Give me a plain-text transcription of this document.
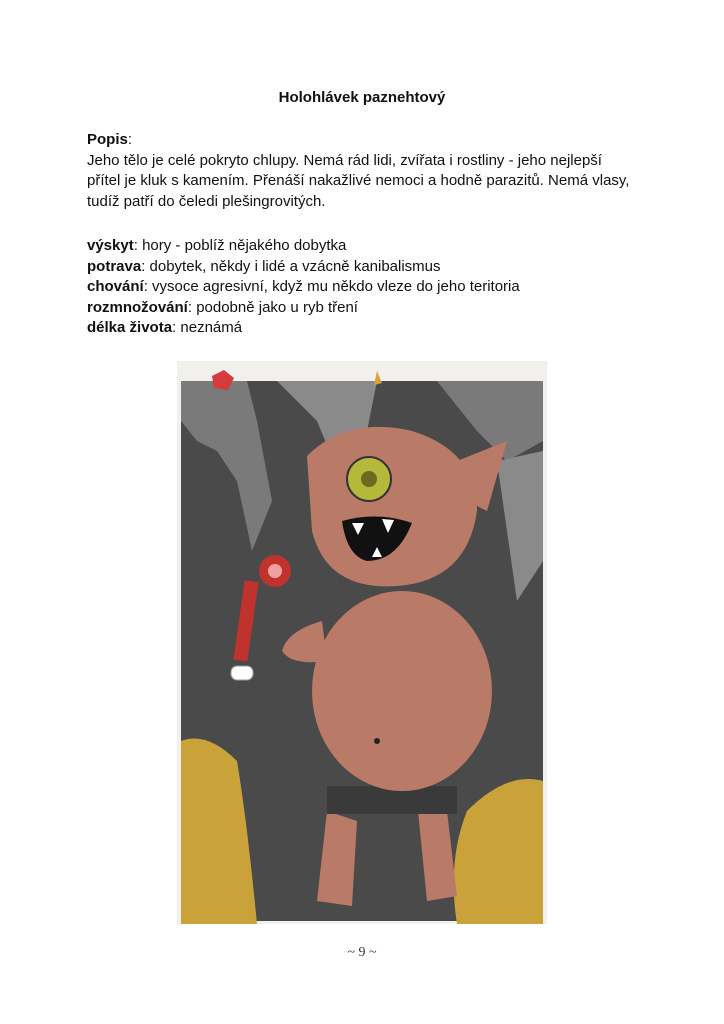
Holohlávek paznehtový
Popis:
Jeho tělo je celé pokryto chlupy. Nemá rád lidi, zvířata i rostliny - jeho nejlepší
přítel je kluk s kamením. Přenáší nakažlivé nemoci a hodně parazitů. Nemá vlasy,
tudíž patří do čeledi plešingrovitých.
výskyt: hory - poblíž nějakého dobytka
potrava: dobytek, někdy i lidé a vzácně kanibalismus
chování: vysoce agresivní, když mu někdo vleze do jeho teritoria
rozmnožování: podobně jako u ryb tření
délka života: neznámá
~ 9 ~
